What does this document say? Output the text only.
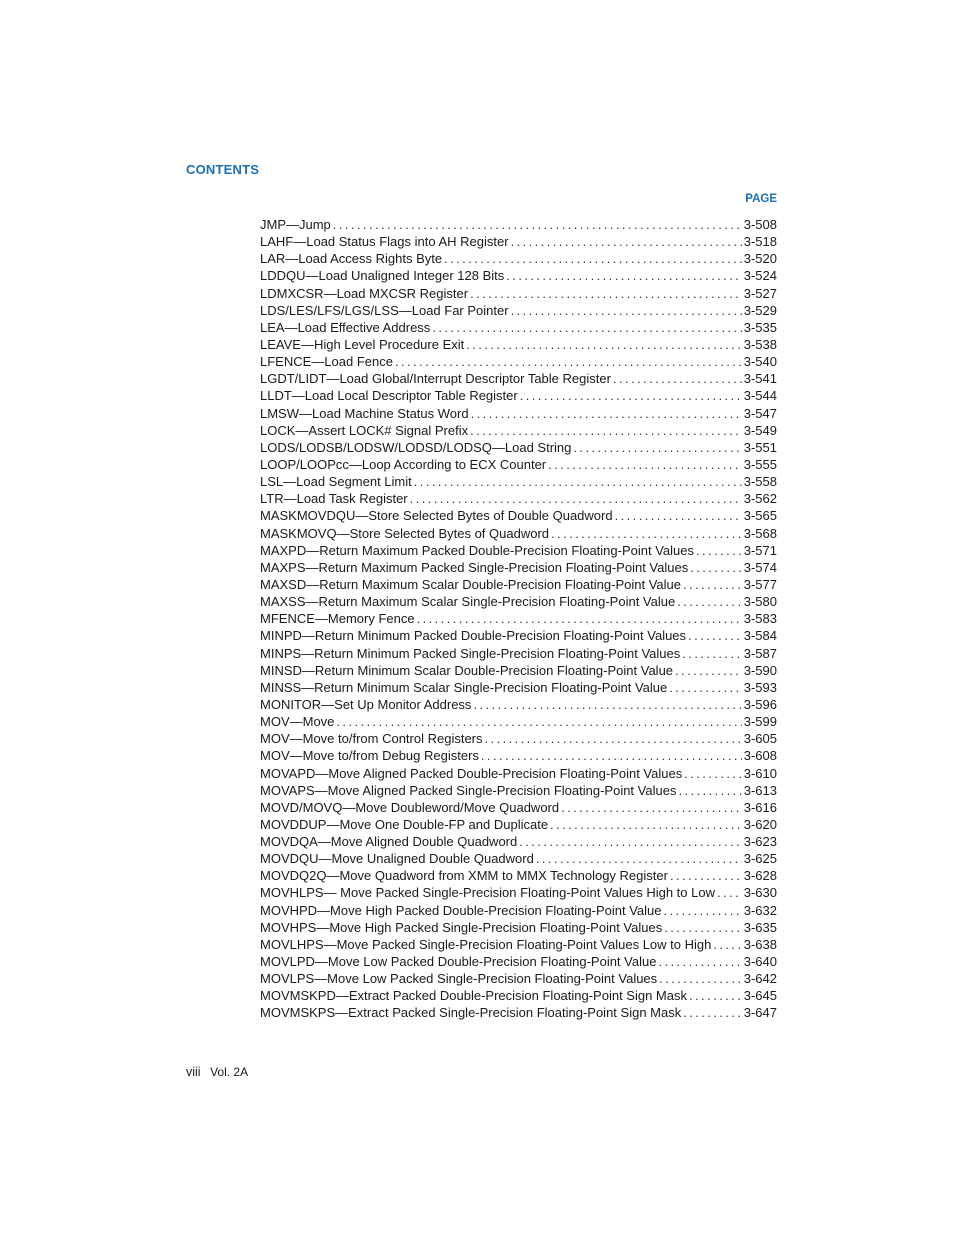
CONTENTS
PAGE
JMP—Jump . . .	3-508
LAHF—Load Status Flags into AH Register . . .	3-518
LAR—Load Access Rights Byte . . .	3-520
LDDQU—Load Unaligned Integer 128 Bits . . .	3-524
LDMXCSR—Load MXCSR Register . . .	3-527
LDS/LES/LFS/LGS/LSS—Load Far Pointer . . .	3-529
LEA—Load Effective Address . . .	3-535
LEAVE—High Level Procedure Exit . . .	3-538
LFENCE—Load Fence . . .	3-540
LGDT/LIDT—Load Global/Interrupt Descriptor Table Register . . .	3-541
LLDT—Load Local Descriptor Table Register . . .	3-544
LMSW—Load Machine Status Word . . .	3-547
LOCK—Assert LOCK# Signal Prefix . . .	3-549
LODS/LODSB/LODSW/LODSD/LODSQ—Load String . . .	3-551
LOOP/LOOPcc—Loop According to ECX Counter . . .	3-555
LSL—Load Segment Limit . . .	3-558
LTR—Load Task Register . . .	3-562
MASKMOVDQU—Store Selected Bytes of Double Quadword . . .	3-565
MASKMOVQ—Store Selected Bytes of Quadword . . .	3-568
MAXPD—Return Maximum Packed Double-Precision Floating-Point Values . . .	3-571
MAXPS—Return Maximum Packed Single-Precision Floating-Point Values . . .	3-574
MAXSD—Return Maximum Scalar Double-Precision Floating-Point Value . . .	3-577
MAXSS—Return Maximum Scalar Single-Precision Floating-Point Value . . .	3-580
MFENCE—Memory Fence . . .	3-583
MINPD—Return Minimum Packed Double-Precision Floating-Point Values . . .	3-584
MINPS—Return Minimum Packed Single-Precision Floating-Point Values . . .	3-587
MINSD—Return Minimum Scalar Double-Precision Floating-Point Value . . .	3-590
MINSS—Return Minimum Scalar Single-Precision Floating-Point Value . . .	3-593
MONITOR—Set Up Monitor Address . . .	3-596
MOV—Move . . .	3-599
MOV—Move to/from Control Registers . . .	3-605
MOV—Move to/from Debug Registers . . .	3-608
MOVAPD—Move Aligned Packed Double-Precision Floating-Point Values . . .	3-610
MOVAPS—Move Aligned Packed Single-Precision Floating-Point Values . . .	3-613
MOVD/MOVQ—Move Doubleword/Move Quadword . . .	3-616
MOVDDUP—Move One Double-FP and Duplicate . . .	3-620
MOVDQA—Move Aligned Double Quadword . . .	3-623
MOVDQU—Move Unaligned Double Quadword . . .	3-625
MOVDQ2Q—Move Quadword from XMM to MMX Technology Register . . .	3-628
MOVHLPS— Move Packed Single-Precision Floating-Point Values High to Low . . . 3-630
MOVHPD—Move High Packed Double-Precision Floating-Point Value . . .	3-632
MOVHPS—Move High Packed Single-Precision Floating-Point Values . . .	3-635
MOVLHPS—Move Packed Single-Precision Floating-Point Values Low to High . . . 3-638
MOVLPD—Move Low Packed Double-Precision Floating-Point Value . . .	3-640
MOVLPS—Move Low Packed Single-Precision Floating-Point Values . . .	3-642
MOVMSKPD—Extract Packed Double-Precision Floating-Point Sign Mask . . .	3-645
MOVMSKPS—Extract Packed Single-Precision Floating-Point Sign Mask . . .	3-647
viii Vol. 2A
